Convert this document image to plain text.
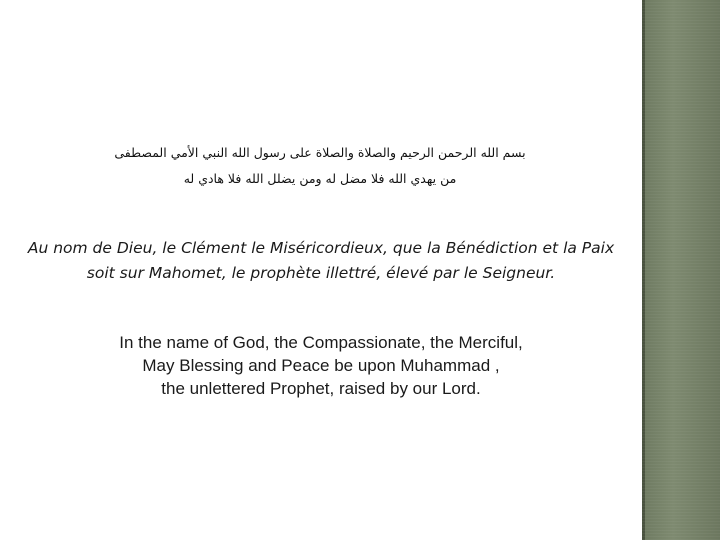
بسم الله الرحمن الرحيم والصلاة والصلاة على رسول الله النبي الأمي المصطفى
من يهدي الله فلا مضل له ومن يضلل الله فلا هادي له
Au nom de Dieu, le Clément le Miséricordieux, que la Bénédiction et la Paix
soit sur Mahomet, le prophète illettré, élevé par le Seigneur.
In the name of God, the Compassionate, the Merciful,
May Blessing and Peace be upon Muhammad ,
the unlettered Prophet, raised by our Lord.
